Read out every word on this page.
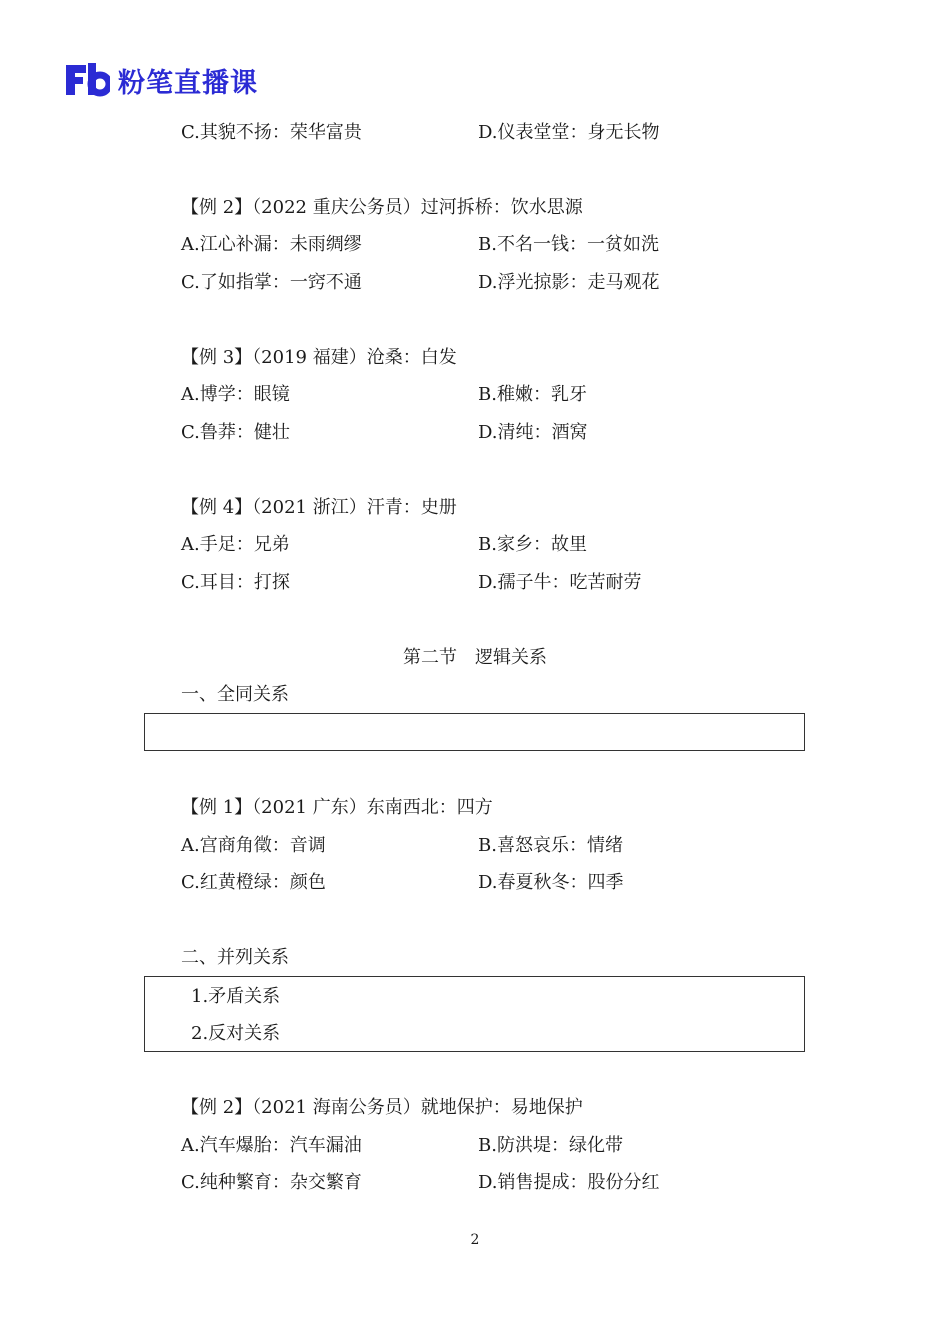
粉笔直播课
C.其貌不扬：荣华富贵	D.仪表堂堂：身无长物
【例 2】（2022 重庆公务员）过河拆桥：饮水思源
A.江心补漏：未雨绸缪	B.不名一钱：一贫如洗
C.了如指掌：一窍不通	D.浮光掠影：走马观花
【例 3】（2019 福建）沧桑：白发
A.博学：眼镜	B.稚嫩：乳牙
C.鲁莽：健壮	D.清纯：酒窝
【例 4】（2021 浙江）汗青：史册
A.手足：兄弟	B.家乡：故里
C.耳目：打探	D.孺子牛：吃苦耐劳
第二节　逻辑关系
一、全同关系
【例 1】（2021 广东）东南西北：四方
A.宫商角徵：音调	B.喜怒哀乐：情绪
C.红黄橙绿：颜色	D.春夏秋冬：四季
二、并列关系
1.矛盾关系
2.反对关系
【例 2】（2021 海南公务员）就地保护：易地保护
A.汽车爆胎：汽车漏油	B.防洪堤：绿化带
C.纯种繁育：杂交繁育	D.销售提成：股份分红
2
